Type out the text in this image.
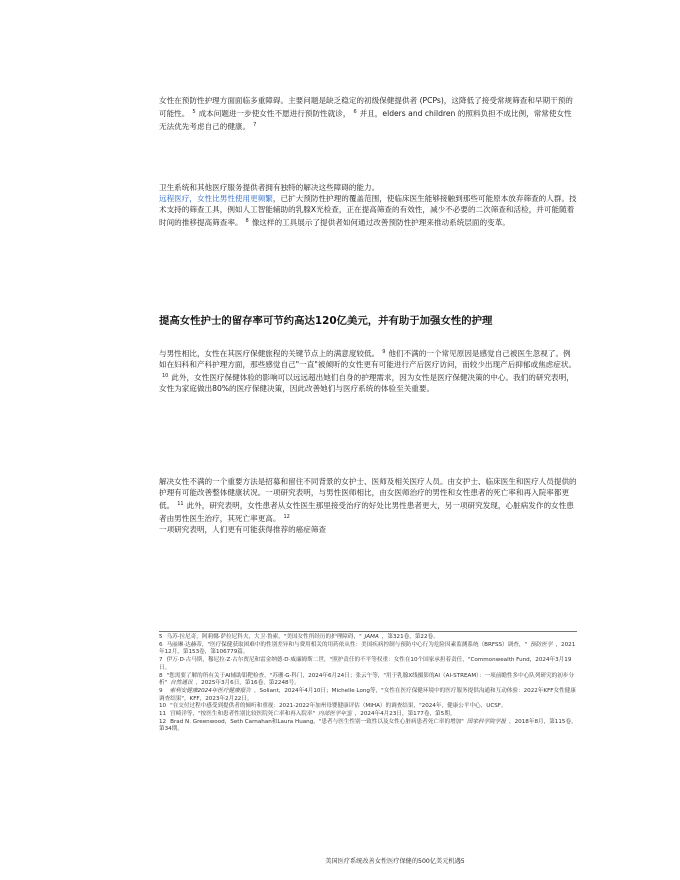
女性在预防性护理方面面临多重障碍。主要问题是缺乏稳定的初级保健提供者 (PCPs)，这降低了接受常规筛查和早期干预的可能性。 $^5$ 成本问题进一步使女性不愿进行预防性就诊， $^6$ 并且，elders and children 的照料负担不成比例，常常使女性无法优先考虑自己的健康。 $^7$

卫生系统和其他医疗服务提供者拥有独特的解决这些障碍的能力。
远程医疗，女性比男性使用更频繁，已扩大预防性护理的覆盖范围，使临床医生能够接触到那些可能原本放弃筛查的人群。技术支持的筛查工具，例如人工智能辅助的乳腺X光检查，正在提高筛查的有效性，减少不必要的二次筛查和活检，并可能随着时间的推移提高筛查率。 $^8$ 像这样的工具展示了提供者如何通过改善预防性护理来推动系统层面的变革。

提高女性护士的留存率可节约高达120亿美元，并有助于加强女性的护理

与男性相比，女性在其医疗保健旅程的关键节点上的满意度较低。 $^9$ 他们不满的一个常见原因是感觉自己被医生忽视了。例如在妇科和产科护理方面，那些感觉自己"一直"被倾听的女性更有可能进行产后医疗访问，而较少出现产后抑郁或焦虑症状。$^{10}$ 此外，女性医疗保健体验的影响可以远远超出她们自身的护理需求，因为女性是医疗保健决策的中心。我们的研究表明，女性为家庭做出80%的医疗保健决策，因此改善她们与医疗系统的体验至关重要。

解决女性不满的一个重要方法是招募和留住不同背景的女护士、医师及相关医疗人员。由女护士、临床医生和医疗人员提供的护理有可能改善整体健康状况。一项研究表明，与男性医师相比，由女医师治疗的男性和女性患者的死亡率和再入院率都更低。 $^{11}$ 此外，研究表明，女性患者从女性医生那里接受治疗的好处比男性患者更大，另一项研究发现，心脏病发作的女性患者由男性医生治疗，其死亡率更高。 $^{12}$
一项研究表明，人们更有可能获得推荐的癌症筛查

5 乌苏·拉尼奇，阿莉娜·萨拉尼科夫，大卫·鲁索，"美国女性所经历的护理障碍，" JAMA ，第321卷，第22卷。

6 马丽琳·达赫蒂，"医疗保健获取困难中的性别差异和与费用相关的用药依从性：美国疾病控制与预防中心行为危险因素监测系统（BRFSS）调查，" 预防医学 ，2021年12月，第153卷，第106779篇。

7 伊万·D·古马斯，穆尼拉·Z·古尔贾尼和雷金纳德·D·威廉姆斯二世，"照护责任的不平等权重：女性在10个国家承担着责任，"Commonwealth Fund，2024年3月19日。

8 "您需要了解的所有关于AI辅助钼靶检查，"苏珊·G·科门，2024年6月24日；张云午等，"用于乳腺X线摄影的AI（AI-STREAM）：一项前瞻性多中心队列研究的初步分析" 自然通讯 ，2025年3月6日，第16卷，第2248号。

9 索利安健康2024年医疗健康报告 ，Soliant，2024年4月10日；Michelle Long等，"女性在医疗保健环境中的医疗服务提供沟通和互动体验：2022年KFF女性健康调查结果"，KFF，2023年2月22日。

10 "在交付过程中感受到提供者的倾听和重视：2021-2022年加州母婴健康评估（MIHA）的调查结果，"2024年，健康公平中心，UCSF。

11 宫崎洋等，"按医生和患者性别比较医院死亡率和再入院率" 内部医学年鉴 ，2024年4月23日，第177卷，第5期。

12 Brad N. Greenwood，Seth Carnahan和Laura Huang，"患者与医生性别一致性以及女性心脏病患者死亡率的增加" 国家科学院学报 ，2018年8月，第115卷，第34期。

美国医疗系统改善女性医疗保健的500亿美元机遇5
